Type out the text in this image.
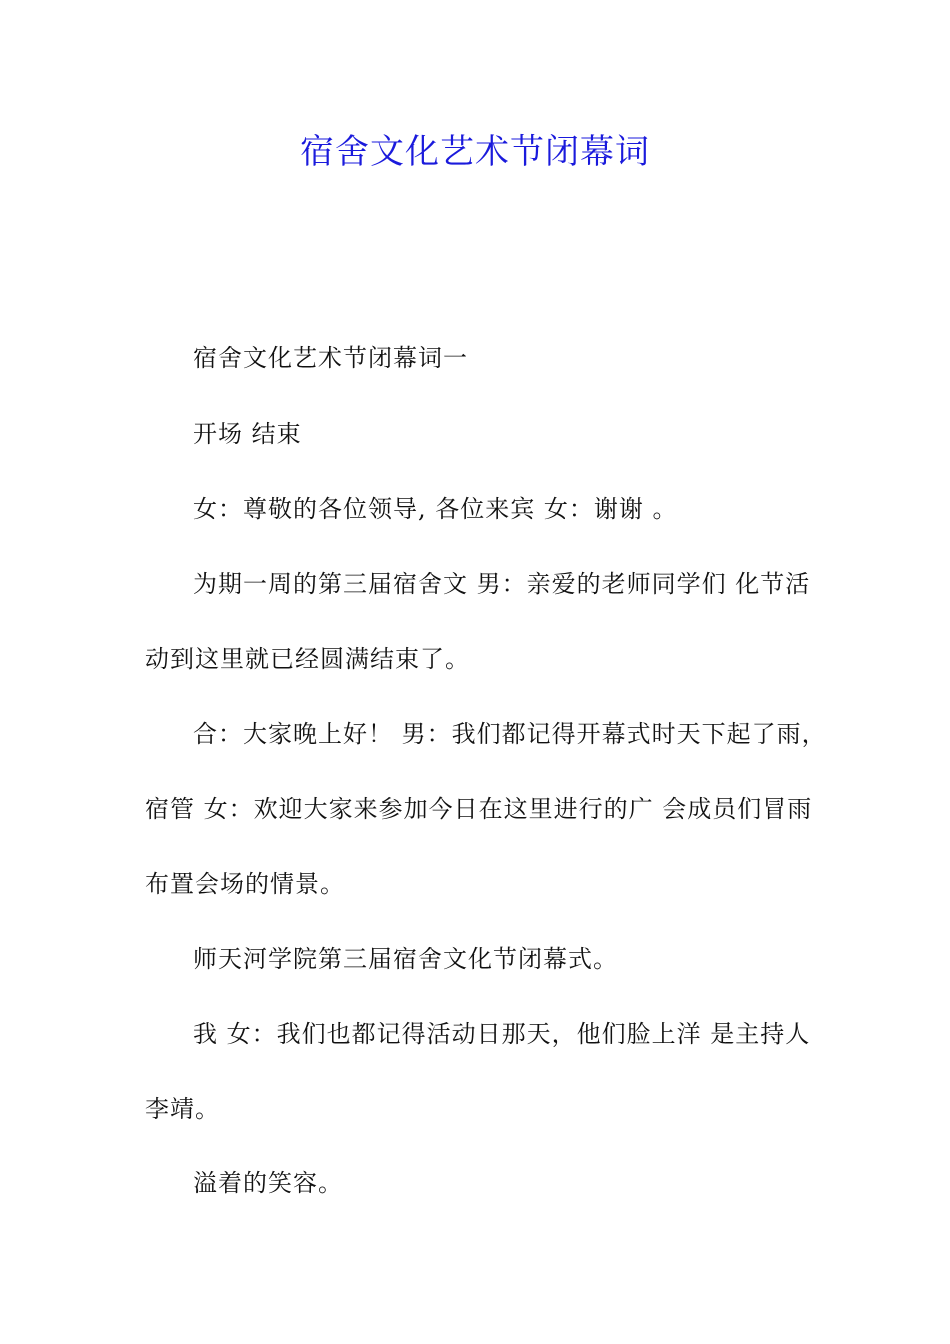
宿舍文化艺术节闭幕词

宿舍文化艺术节闭幕词一

开场 结束

女：尊敬的各位领导, 各位来宾 女：谢谢 。

为期一周的第三届宿舍文 男：亲爱的老师同学们 化节活

动到这里就已经圆满结束了。

合：大家晚上好！ 男：我们都记得开幕式时天下起了雨，

宿管 女：欢迎大家来参加今日在这里进行的广 会成员们冒雨

布置会场的情景。

师天河学院第三届宿舍文化节闭幕式。

我 女：我们也都记得活动日那天，他们脸上洋 是主持人

李靖。

溢着的笑容。
